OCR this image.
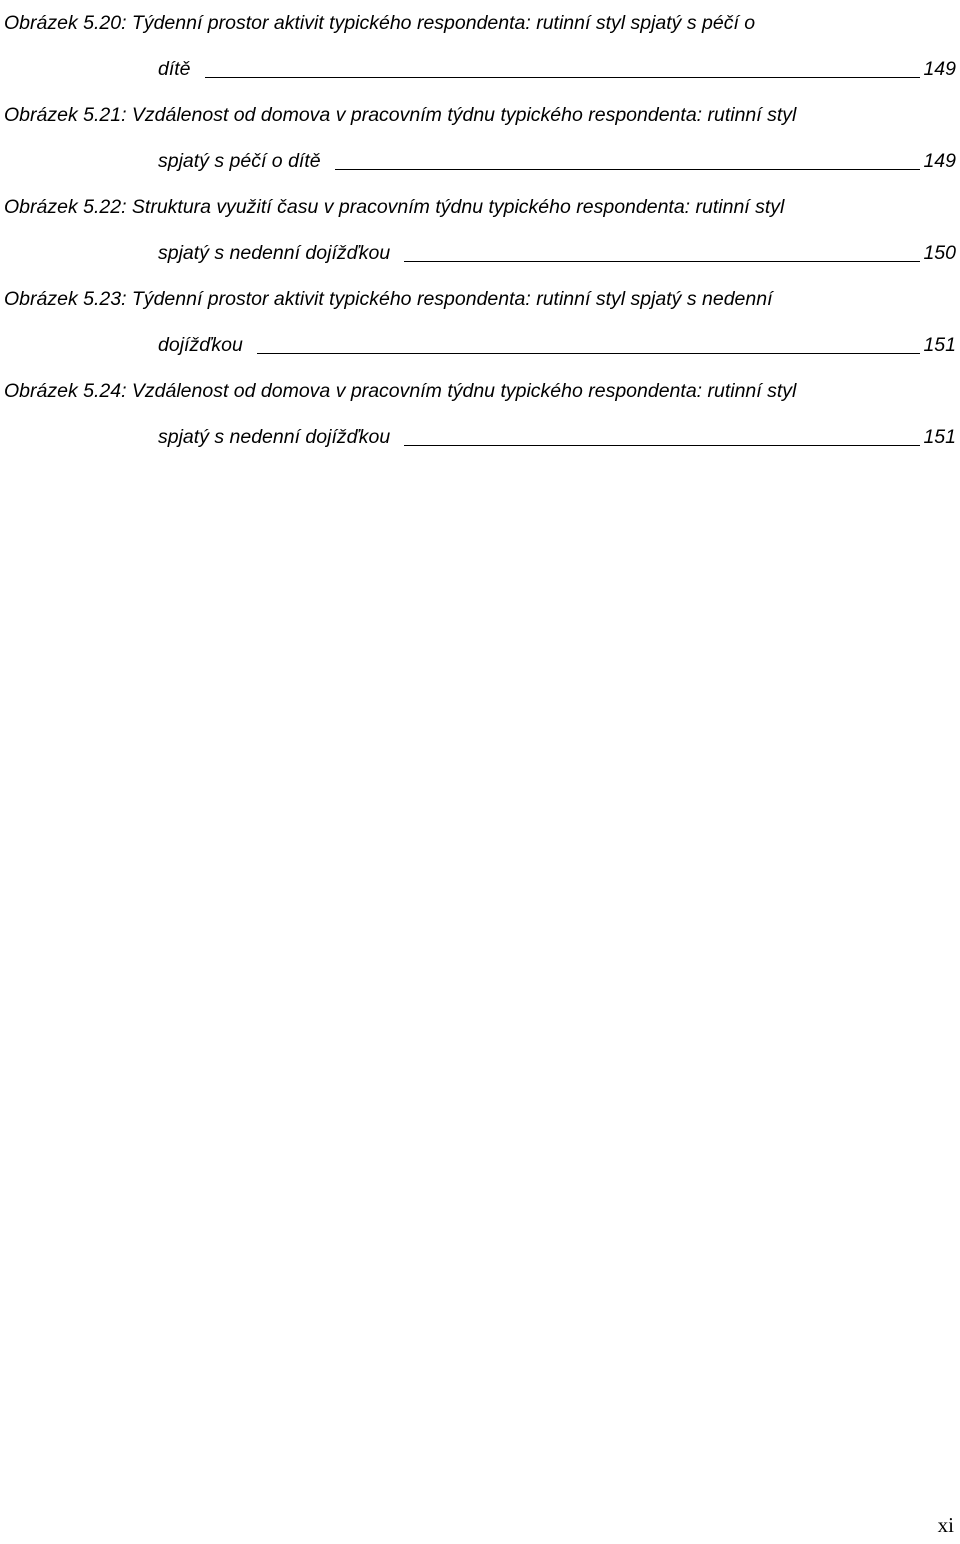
Obrázek 5.20: Týdenní prostor aktivit typického respondenta: rutinní styl spjatý s péčí o
dítě	149
Obrázek 5.21: Vzdálenost od domova v pracovním týdnu typického respondenta: rutinní styl
spjatý s péčí o dítě	149
Obrázek 5.22: Struktura využití času v pracovním týdnu typického respondenta: rutinní styl
spjatý s nedenní dojížďkou	150
Obrázek 5.23: Týdenní prostor aktivit typického respondenta: rutinní styl spjatý s nedenní
dojížďkou	151
Obrázek 5.24: Vzdálenost od domova v pracovním týdnu typického respondenta: rutinní styl
spjatý s nedenní dojížďkou	151
xi
